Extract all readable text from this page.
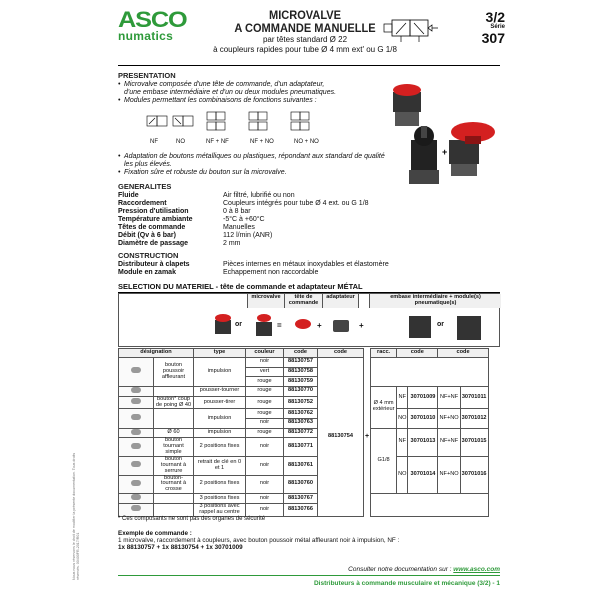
ASCO
numatics
MICROVALVE
A COMMANDE MANUELLE
par têtes standard Ø 22
à coupleurs rapides pour tube Ø 4 mm ext' ou G 1/8
3/2
Série
307
PRESENTATION
• Microvalve composée d'une tête de commande, d'un adaptateur,
d'une embase intermédiaire et d'un ou deux modules pneumatiques.
• Modules permettant les combinaisons de fonctions suivantes :
NF	NO	NF + NF	NF + NO	NO + NO
• Adaptation de boutons métalliques ou plastiques, répondant aux standard de qualité
les plus élevés.
• Fixation sûre et robuste du bouton sur la microvalve.
+
GENERALITES
Fluide	Air filtré, lubrifié ou non
Raccordement	Coupleurs intégrés pour tube Ø 4 ext. ou G 1/8
Pression d'utilisation	0 à 8 bar
Température ambiante	-5°C à +60°C
Têtes de commande	Manuelles
Débit (Qv à 6 bar)	112 l/min (ANR)
Diamètre de passage	2 mm
CONSTRUCTION
Distributeur à clapets	Pièces internes en métaux inoxydables et élastomère
Module en zamak	Echappement non raccordable
SELECTION DU MATERIEL - tête de commande et adaptateur MÉTAL
microvalve	tête de commande
adaptateur	embase intermédiaire + module(s) pneumatique(s)
or	=	+	+	or
désignation		type	couleur	code	code		racc.	code		code	
	bouton poussoir affleurant	impulsion	noir	88130757	88130754	+					
			vert	88130758							
			rouge	88130759							
		pousser-tourner	rouge	88130770			Ø 4 mm extérieur	NF	30701009	NF+NF	30701011
	bouton* coup de poing Ø 40	pousser-tirer	rouge	88130752							
		impulsion	rouge	88130762				NO	30701010	NF+NO	30701012
			noir	88130763							
	Ø 60	impulsion	rouge	88130772			G1/8	NF	30701013	NF+NF	30701015
	bouton tournant simple	2 positions fixes	noir	88130771							
	bouton tournant à serrure	retrait de clé en 0 et 1	noir	88130761				NO	30701014	NF+NO	30701016
	bouton- tournant à crosse	2 positions fixes	noir	88130760							
		3 positions fixes	noir	88130767							
		3 positions avec rappel au centre	noir	88130766							
* Ces composants ne sont pas des organes de sécurité
Exemple de commande :
1 microvalve, raccordement à coupleurs, avec bouton poussoir métal affleurant noir à impulsion, NF :
1x 88130757 + 1x 88130754 + 1x 30701009
Consulter notre documentation sur : www.asco.com
Distributeurs à commande musculaire et mécanique (3/2) - 1
Nous nous réservons le droit de modifier la présente documentation. Tous droits réservés. 00400FR-2017/R01
